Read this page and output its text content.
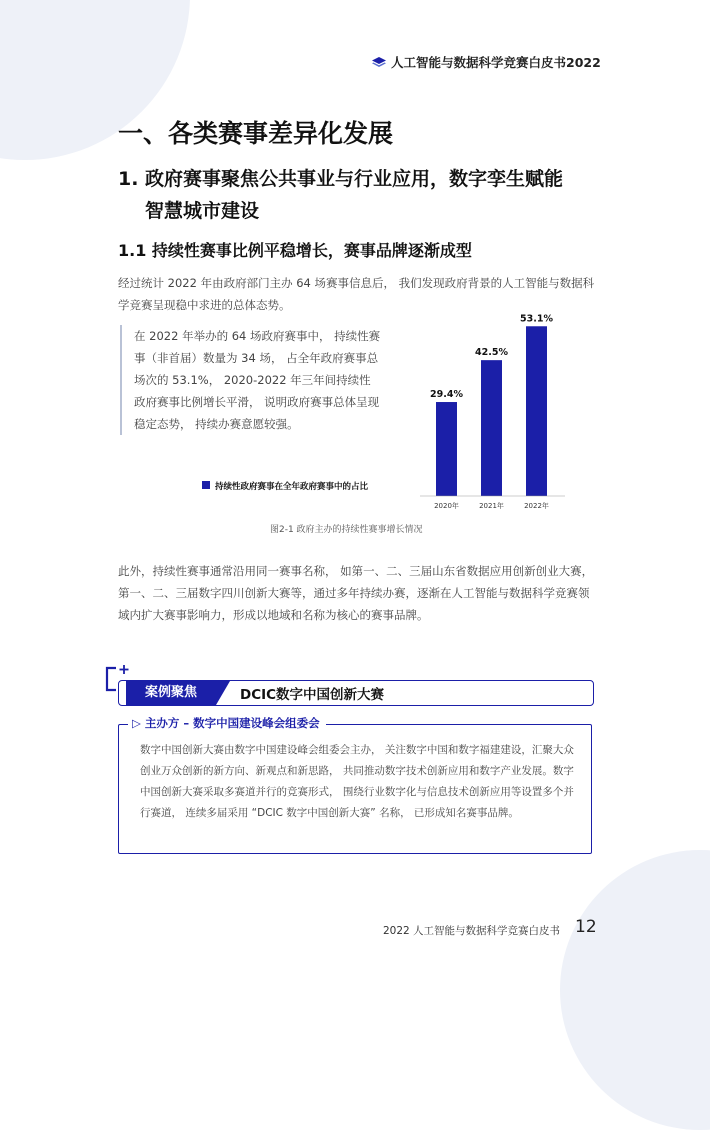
人工智能与数据科学竞赛白皮书2022
一、各类赛事差异化发展
1. 政府赛事聚焦公共事业与行业应用，数字孪生赋能
智慧城市建设
1.1 持续性赛事比例平稳增长，赛事品牌逐渐成型
经过统计 2022 年由政府部门主办 64 场赛事信息后， 我们发现政府背景的人工智能与数据科学竞赛呈现稳中求进的总体态势。
在 2022 年举办的 64 场政府赛事中， 持续性赛事（非首届）数量为 34 场， 占全年政府赛事总场次的 53.1%， 2020-2022 年三年间持续性政府赛事比例增长平滑， 说明政府赛事总体呈现稳定态势， 持续办赛意愿较强。
29.4%
2020年
42.5%
2021年
53.1%
2022年
持续性政府赛事在全年政府赛事中的占比
图2-1 政府主办的持续性赛事增长情况
此外，持续性赛事通常沿用同一赛事名称， 如第一、二、三届山东省数据应用创新创业大赛，第一、二、三届数字四川创新大赛等，通过多年持续办赛，逐渐在人工智能与数据科学竞赛领域内扩大赛事影响力，形成以地域和名称为核心的赛事品牌。
案例聚焦	DCIC数字中国创新大赛
▷ 主办方 – 数字中国建设峰会组委会
数字中国创新大赛由数字中国建设峰会组委会主办， 关注数字中国和数字福建建设，汇聚大众创业万众创新的新方向、新观点和新思路， 共同推动数字技术创新应用和数字产业发展。数字中国创新大赛采取多赛道并行的竞赛形式， 围绕行业数字化与信息技术创新应用等设置多个并行赛道， 连续多届采用 “DCIC 数字中国创新大赛” 名称， 已形成知名赛事品牌。
2022 人工智能与数据科学竞赛白皮书 12
